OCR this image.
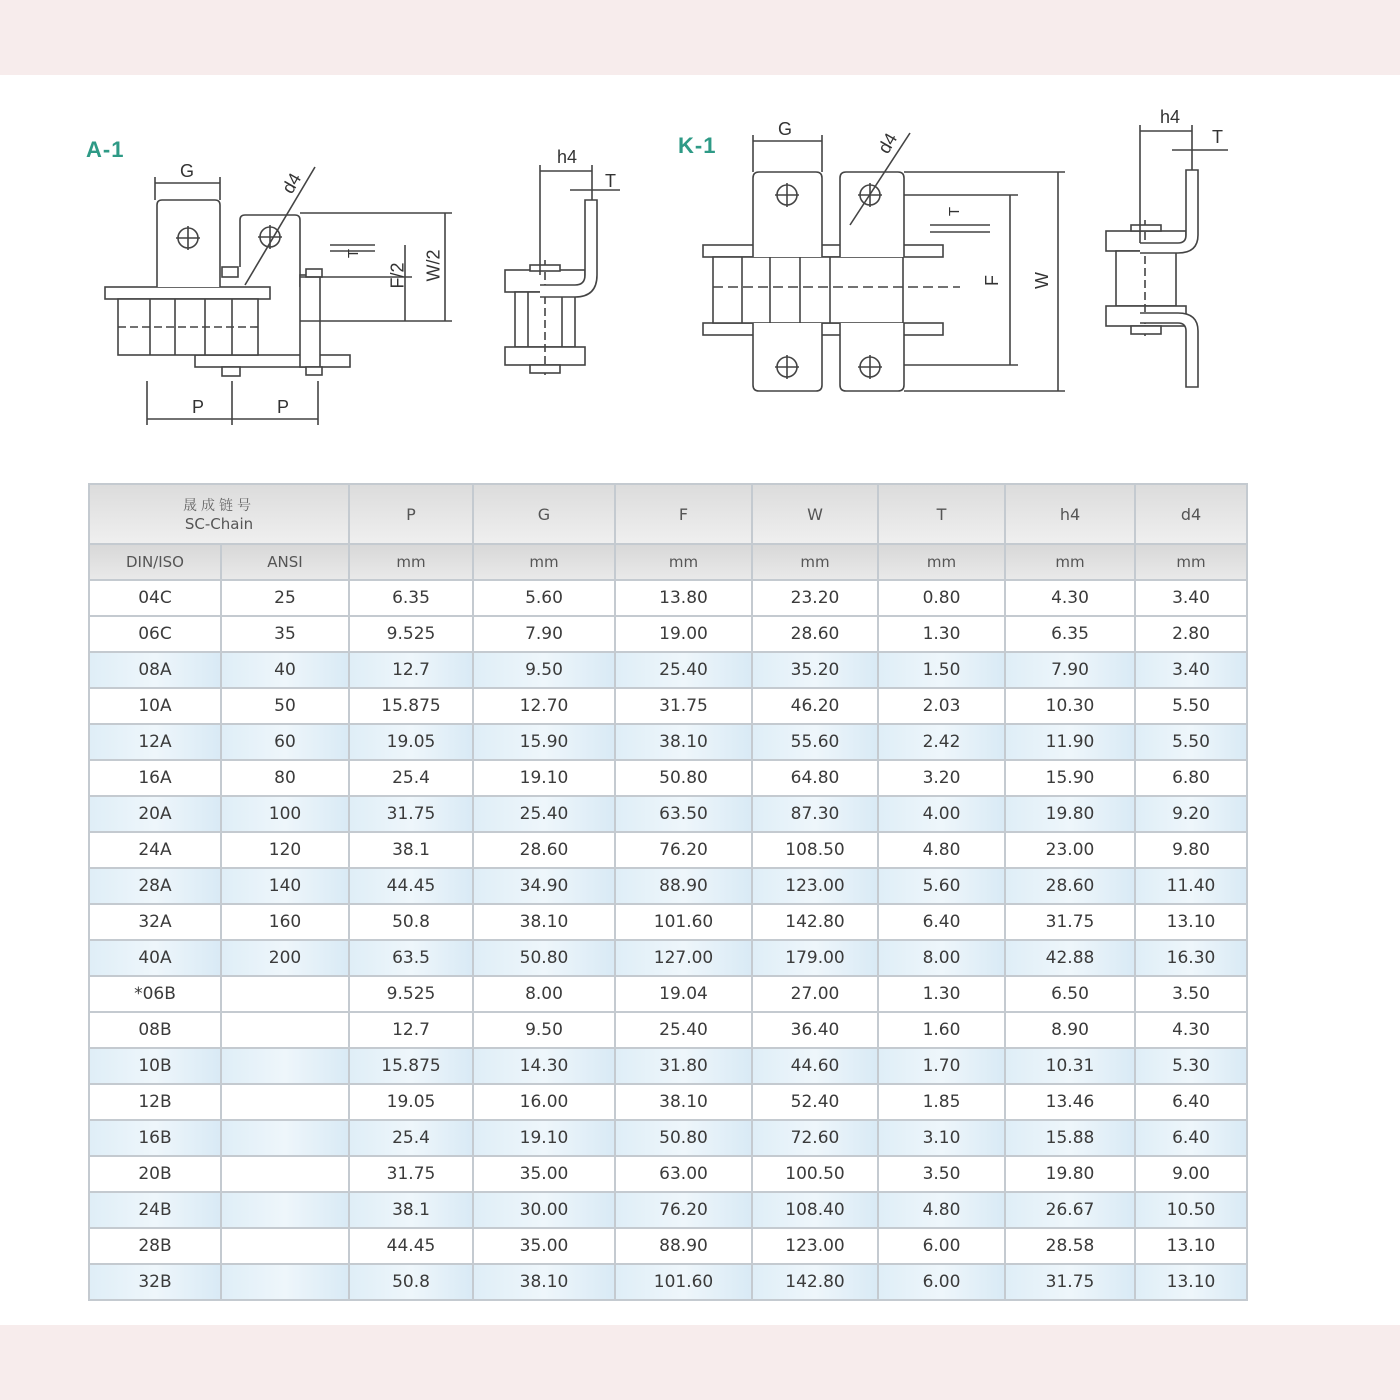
A-1
G	d4
T
F/2 W/2
P	P
h4
T
K-1
G
d4
T
F W
h4
T
晟成链号
SC-Chain		P	G	F	W	T	h4	d4
DIN/ISO	ANSI	mm	mm	mm	mm	mm	mm	mm
04C	25	6.35	5.60	13.80	23.20	0.80	4.30	3.40
06C	35	9.525	7.90	19.00	28.60	1.30	6.35	2.80
08A	40	12.7	9.50	25.40	35.20	1.50	7.90	3.40
10A	50	15.875	12.70	31.75	46.20	2.03	10.30	5.50
12A	60	19.05	15.90	38.10	55.60	2.42	11.90	5.50
16A	80	25.4	19.10	50.80	64.80	3.20	15.90	6.80
20A	100	31.75	25.40	63.50	87.30	4.00	19.80	9.20
24A	120	38.1	28.60	76.20	108.50	4.80	23.00	9.80
28A	140	44.45	34.90	88.90	123.00	5.60	28.60	11.40
32A	160	50.8	38.10	101.60	142.80	6.40	31.75	13.10
40A	200	63.5	50.80	127.00	179.00	8.00	42.88	16.30
*06B		9.525	8.00	19.04	27.00	1.30	6.50	3.50
08B		12.7	9.50	25.40	36.40	1.60	8.90	4.30
10B		15.875	14.30	31.80	44.60	1.70	10.31	5.30
12B		19.05	16.00	38.10	52.40	1.85	13.46	6.40
16B		25.4	19.10	50.80	72.60	3.10	15.88	6.40
20B		31.75	35.00	63.00	100.50	3.50	19.80	9.00
24B		38.1	30.00	76.20	108.40	4.80	26.67	10.50
28B		44.45	35.00	88.90	123.00	6.00	28.58	13.10
32B		50.8	38.10	101.60	142.80	6.00	31.75	13.10
